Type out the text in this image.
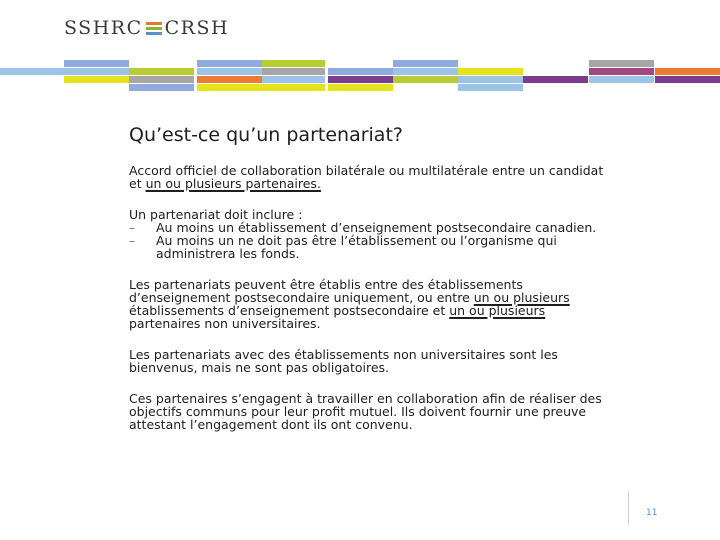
SSHRC CRSH
Qu’est-ce qu’un partenariat?
Accord officiel de collaboration bilatérale ou multilatérale entre un candidat et un ou plusieurs partenaires.
Un partenariat doit inclure :
–	Au moins un établissement d’enseignement postsecondaire canadien.
–	Au moins un ne doit pas être l’établissement ou l’organisme qui administrera les fonds.
Les partenariats peuvent être établis entre des établissements d’enseignement postsecondaire uniquement, ou entre un ou plusieurs établissements d’enseignement postsecondaire et un ou plusieurs partenaires non universitaires.
Les partenariats avec des établissements non universitaires sont les bienvenus, mais ne sont pas obligatoires.
Ces partenaires s’engagent à travailler en collaboration afin de réaliser des objectifs communs pour leur profit mutuel. Ils doivent fournir une preuve attestant l’engagement dont ils ont convenu.
11
